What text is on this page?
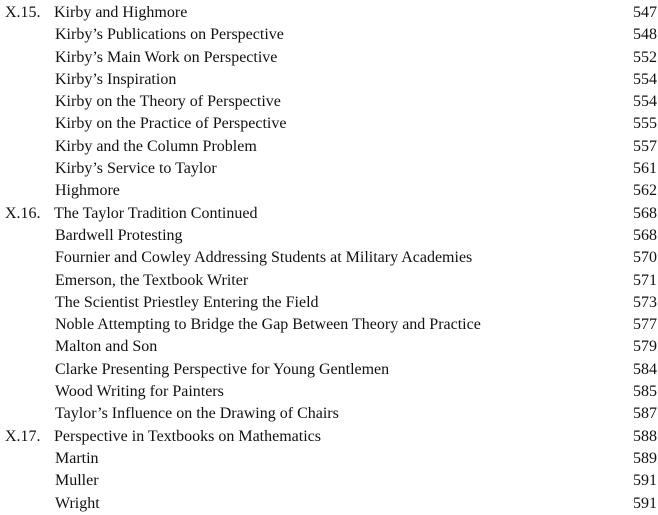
X.15. Kirby and Highmore	547
Kirby’s Publications on Perspective	548
Kirby’s Main Work on Perspective	552
Kirby’s Inspiration	554
Kirby on the Theory of Perspective	554
Kirby on the Practice of Perspective	555
Kirby and the Column Problem	557
Kirby’s Service to Taylor	561
Highmore	562
X.16. The Taylor Tradition Continued	568
Bardwell Protesting	568
Fournier and Cowley Addressing Students at Military Academies	570
Emerson, the Textbook Writer	571
The Scientist Priestley Entering the Field	573
Noble Attempting to Bridge the Gap Between Theory and Practice	577
Malton and Son	579
Clarke Presenting Perspective for Young Gentlemen	584
Wood Writing for Painters	585
Taylor’s Influence on the Drawing of Chairs	587
X.17. Perspective in Textbooks on Mathematics	588
Martin	589
Muller	591
Wright	591
